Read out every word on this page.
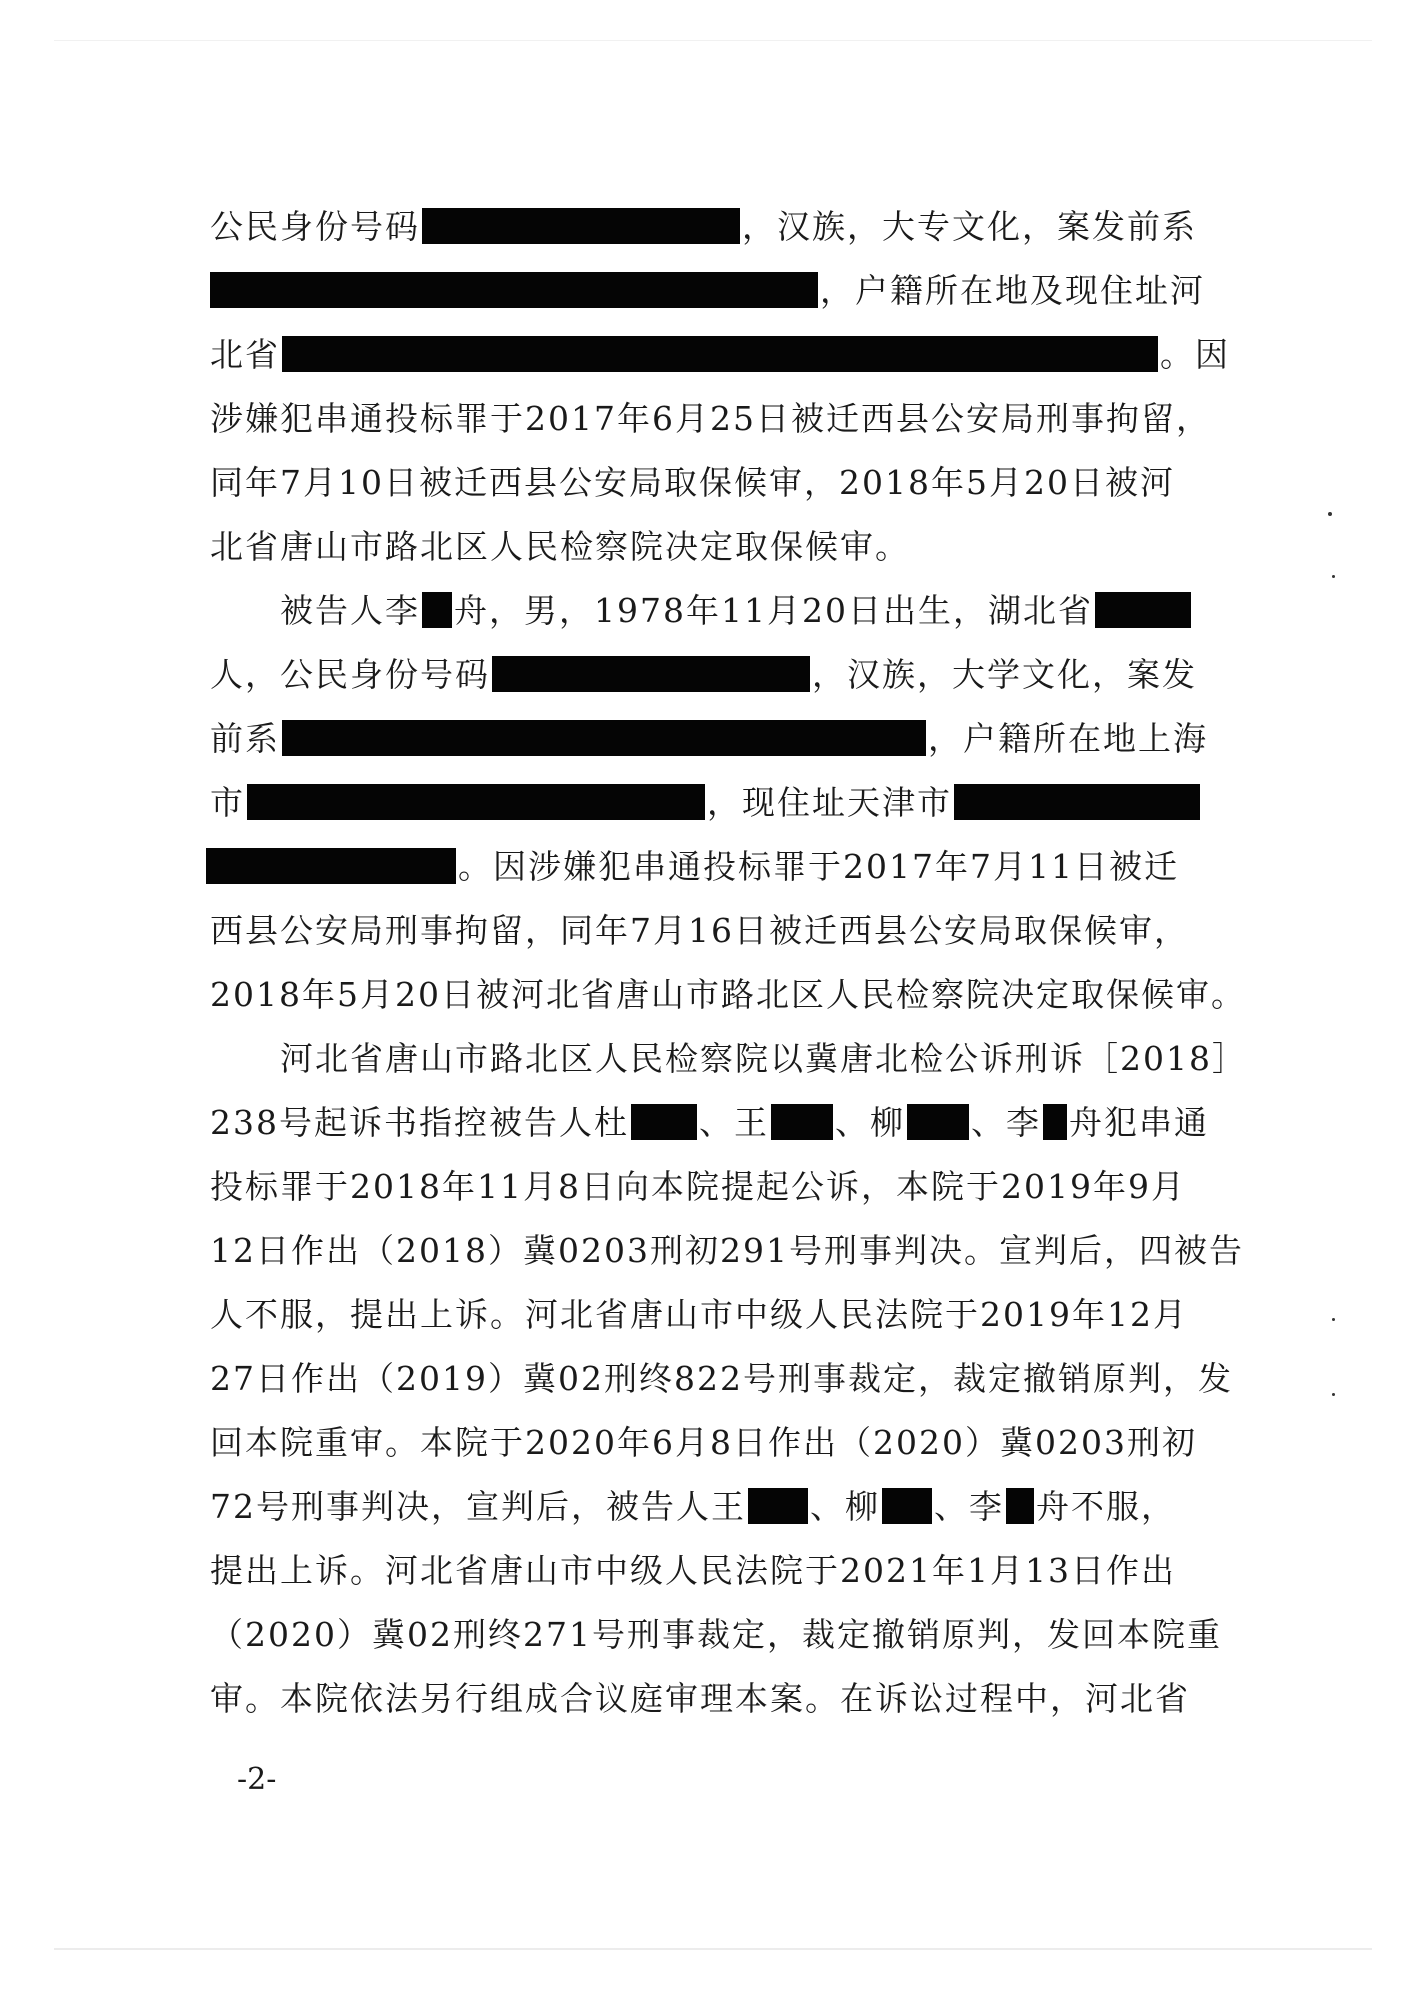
公民身份号码	，汉族，大专文化，案发前系
，户籍所在地及现住址河
北省	。因
涉嫌犯串通投标罪于2017年6月25日被迁西县公安局刑事拘留，
同年7月10日被迁西县公安局取保候审，2018年5月20日被河
北省唐山市路北区人民检察院决定取保候审。
被告人李 舟，男，1978年11月20日出生，湖北省
人，公民身份号码	，汉族，大学文化，案发
前系	，户籍所在地上海
市	，现住址天津市
。因涉嫌犯串通投标罪于2017年7月11日被迁
西县公安局刑事拘留，同年7月16日被迁西县公安局取保候审，
2018年5月20日被河北省唐山市路北区人民检察院决定取保候审。
河北省唐山市路北区人民检察院以冀唐北检公诉刑诉［2018］
238号起诉书指控被告人杜 、王 、柳 、李 舟犯串通
投标罪于2018年11月8日向本院提起公诉，本院于2019年9月
12日作出（2018）冀0203刑初291号刑事判决。宣判后，四被告
人不服，提出上诉。河北省唐山市中级人民法院于2019年12月
27日作出（2019）冀02刑终822号刑事裁定，裁定撤销原判，发
回本院重审。本院于2020年6月8日作出（2020）冀0203刑初
72号刑事判决，宣判后，被告人王 、柳 、李 舟不服，
提出上诉。河北省唐山市中级人民法院于2021年1月13日作出
（2020）冀02刑终271号刑事裁定，裁定撤销原判，发回本院重
审。本院依法另行组成合议庭审理本案。在诉讼过程中，河北省
-2-
